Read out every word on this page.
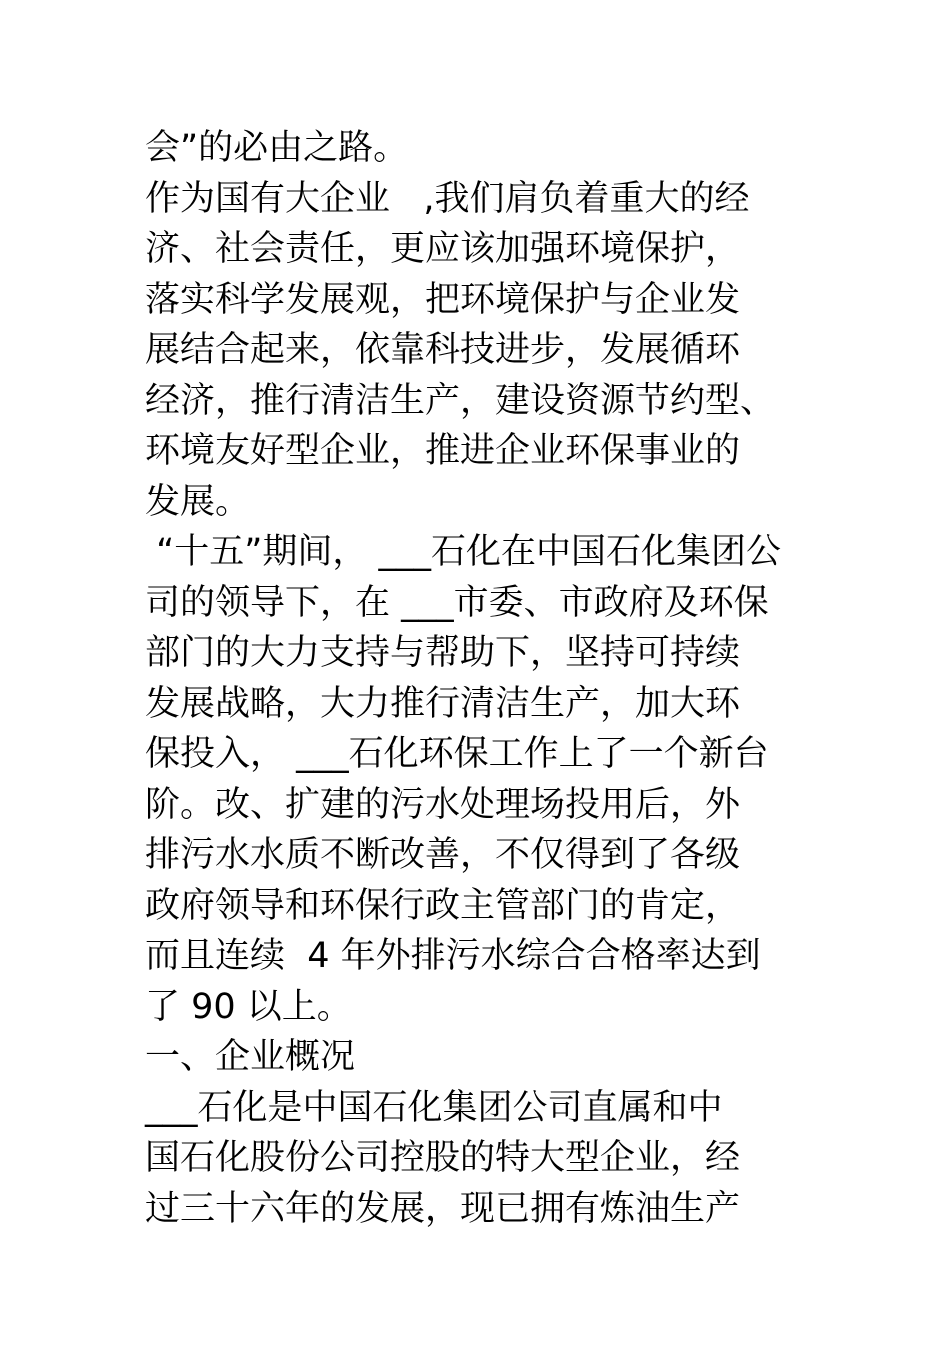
会”的必由之路。
作为国有大企业   ,我们肩负着重大的经
济、社会责任，更应该加强环境保护，
落实科学发展观，把环境保护与企业发
展结合起来，依靠科技进步，发展循环
经济，推行清洁生产，建设资源节约型、
环境友好型企业，推进企业环保事业的
发展。
“十五”期间， ___石化在中国石化集团公
司的领导下，在 ___市委、市政府及环保
部门的大力支持与帮助下，坚持可持续
发展战略，大力推行清洁生产，加大环
保投入， ___石化环保工作上了一个新台
阶。改、扩建的污水处理场投用后，外
排污水水质不断改善，不仅得到了各级
政府领导和环保行政主管部门的肯定，
而且连续  4 年外排污水综合合格率达到
了 90 以上。
一、企业概况
___石化是中国石化集团公司直属和中
国石化股份公司控股的特大型企业，经
过三十六年的发展，现已拥有炼油生产
